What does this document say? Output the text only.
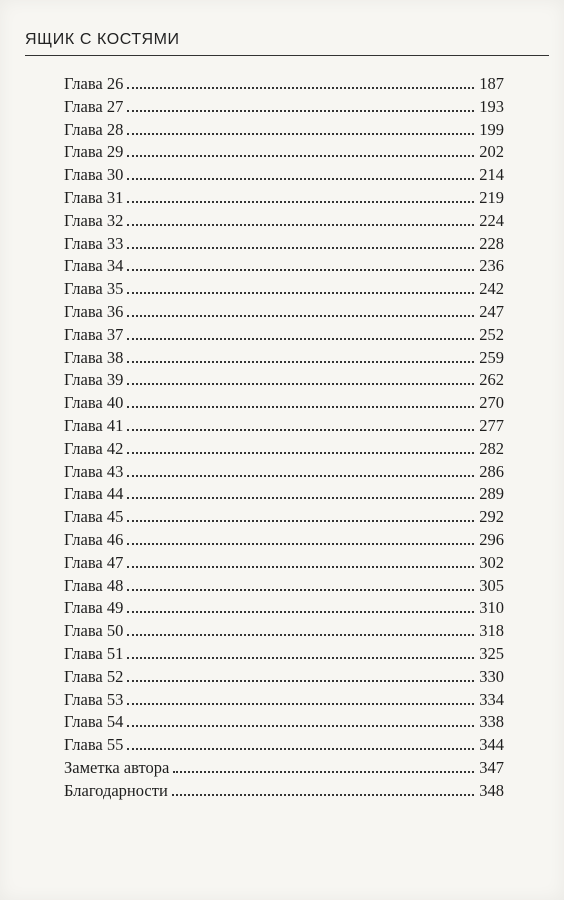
ЯЩИК С КОСТЯМИ
Глава 26	187
Глава 27	193
Глава 28	199
Глава 29	202
Глава 30	214
Глава 31	219
Глава 32	224
Глава 33	228
Глава 34	236
Глава 35	242
Глава 36	247
Глава 37	252
Глава 38	259
Глава 39	262
Глава 40	270
Глава 41	277
Глава 42	282
Глава 43	286
Глава 44	289
Глава 45	292
Глава 46	296
Глава 47	302
Глава 48	305
Глава 49	310
Глава 50	318
Глава 51	325
Глава 52	330
Глава 53	334
Глава 54	338
Глава 55	344
Заметка автора	347
Благодарности	348
